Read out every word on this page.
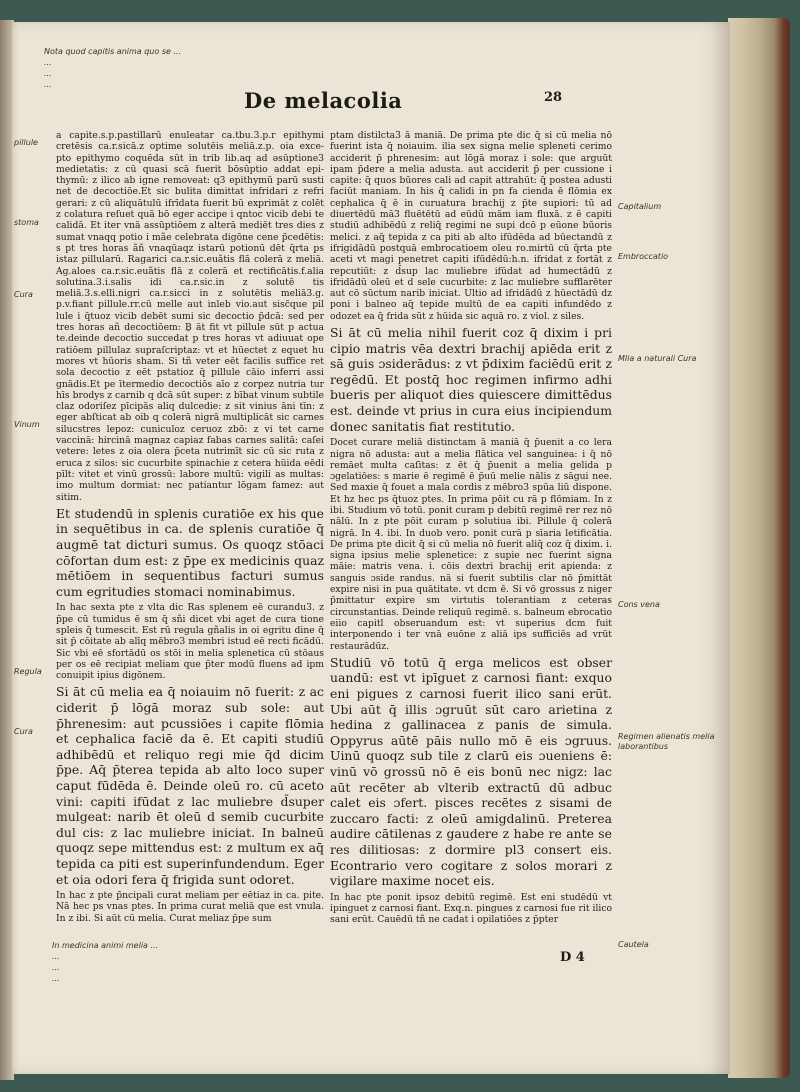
Nota quod capitis anima quo se ...
...
...
...
De melacolia	28
pillule
stoma
Cura
Vinum
Regula
Cura
Capitalium
Embroccatio
Mlia a naturali Cura
Cons vena
Regimen alienatis melia laborantibus
Cautela

a capite.s.p.pastillarū enuleatar ca.tbu.3.p.r epithymi cretēsis ca.r.sicā.z optime solutēis meliā.z.p. oia exce- pto epithymo coquēda sūt in trib lib.aq ad əsūptione3 medietatis: z cū quasi scā fuerit bōsūptio addat epi- thymū: z ilico ab igne removeat: q3 epithymū parū susti net de decoctiōe.Et sic bulita dimittat infridari z refri gerari: z cū aliquātulū ifrīdata fuerit bū exprimāt z colēt z colatura reſuet quā bō eger accipe i qntoc vicib debi te calidā. Et iter vnā assūptiōem z alterā mediēt tres dies z sumat vnaqq potio i mãe celebrata digōne cene p̄cedētis: s pt tres horas ãñ vnaqūaqz istarū potionū dēt q̄rta ps istaz pillularū. Ragarici ca.r.sic.euãtis flā colerā z meliā. Ag.aloes ca.r.sic.euãtis flā z colerā et rectificātis.f.alia solutina.3.i.salis idi ca.r.sic.in z solutē tis meliā.3.s.elli.nigri ca.r.sicci in z solutētis meliā3.g. p.v.fiant pillule.rr.cū melle aut inleb vio.aut sisc̃que pil lule i q̄tuoz vicib debēt sumi sic decoctio p̄dcā: sed per tres horas añ decoctiōem: Ḇ āt fit vt pillule sūt p actua te.deinde decoctio succedat p tres horas vt adiuuat ope ratiōem pillulaz supraſcriptaz: vt et hūectet z equet hu mores vt hūoris sham. Si tñ veter eēt facilis suffice ret sola decoctio z eēt pstatioz q̄ pillule cāio inferri assi gnādis.Et pe ītermedio decoctiōs aīo z corpez nutria tur hīs brodys z carnib q dcā sūt super: z bībat vinum subtile claz odoriſez pīcipās aliq dulcedie: z sit vinius āni tīn: z eger abſticat ab oib q colerā nigrā multiplicāt sic carnes silucstres lepoz: cuniculoz ceruoz zbō: z vi tet carne vaccinā: hircinā magnaz capiaz fabas carnes salitā: caſei vetere: letes z oia olera p̄ceta nutrimīt sic cū sic ruta z eruca z silos: sic cucurbite spinachie z cetera hūida eēdi pīlt: vitet et vinū grossū: labore multū: vigili as multas: imo multum dormiat: nec patiantur lōgam famez: aut sitim.

Et studendū in splenis curatiōe ex his que in sequētibus in ca. de splenis curatiōe q̄ augmē tat dicturi sumus. Os quoqz stōaci cōfortan dum est: z p̄pe ex medicinis quaz mētiōem in sequentibus facturi sumus cum egritudies stomaci nominabimus.

In hac sexta pte z vlta dic Ras splenem eē curandu3. z p̄pe cū tumidus ē sm q̄ sñi dicet vbi aget de cura tione spleis q̄ tumescit. Est rū regula gñalis in oi egritu dine q̄ sit p̄ cōitate ab alīq mēbro3 membri istud eē recti ficādū. Sic vbi eē sfortādū os stōi in melia splenetica cū stōaus per os eē recipiat meliam que p̄ter modū fluens ad ipm conuipit ipius digōnem.

Si āt cū melia ea q̄ noiauim nō fuerit: z ac ciderit p̄ lōgā moraz sub sole: aut p̄hrenesim: aut pcussiōes i capite flōmia et cephalica faciē da ē. Et capiti studiū adhibēdū et reliquo regi mie q̄d dicim p̄pe. Aq̄ p̄terea tepida ab alto loco super caput fūdēda ē. Deinde oleū ro. cū aceto vini: capiti ifūdat z lac muliebre d̄super mulgeat: narib ēt oleū d semib cucurbite dul cis: z lac muliebre iniciat. In balneū quoqz sepe mittendus est: z multum ex aq̄ tepida ca piti est superinfundendum. Eger et oia odori fera q̄ frigida sunt odoret.

In hac z pte p̄ncipali curat meliam per eētiaz in ca. pite. Nā hec ps vnas ptes. In prima curat meliā que est vnula. In z ibi. Si aūt cū melia. Curat meliaz p̄pe sum

ptam distilcta3 ā maniā. De prima pte dic q̄ si cū melia nō fuerint ista q̄ noiauim. ilia sex signa melie spleneti cerimo acciderit p̄ phrenesim: aut lōgā moraz i sole: que arguūt ipam p̄dere a melia adusta. aut acciderit p̄ per cussione i capite: q̄ quos būores cali ad capit attrahūt: q̄ postea adusti faciūt maniam. In his q̄ calidi in pn fa cienda ē flōmia ex cephalica q̄ ē in curuatura brachij z p̄te supiori: tū ad diuertēdū mā3 fluētētū ad eūdū mām iam fluxā. z ē capiti studiū adhibēdū z reliq̄ regimi ne supi dcō p eūone būoris melici. z aq̄ tepida z ca piti ab alto ifūdēda ad būectandū z ifrigidādū postquā embrocatioem oleu ro.mirtū cū q̄rta pte aceti vt magi penetret capiti ifūdēdū:h.n. ifridat z fortāt z repcutiūt: z d̄sup lac muliebre ifūdat ad humectādū z ifridādū oleū et d sele cucurbite: z lac muliebre sufflarēter aut cō sūctum narib iniciat. Ultio ad ifridādū z hūectādū dz poni i balneo aq̄ tepide multū de ea capiti infundēdo z odozet ea q̄ frida sūt z hūida sic aquā ro. z viol. z siles.

Si āt cū melia nihil fuerit coz q̄ dixim i pri cipio matris vēa dextri brachij apiēda erit z sā guis ɔsiderādus: z vt p̄dixim faciēdū erit z regēdū. Et postq̄ hoc regimen infirmo adhi bueris per aliquot dies quiescere dimittēdus est. deinde vt prius in cura eius incipiendum donec sanitatis fiat restitutio.

Docet curare meliā distinctam ā maniā q̄ p̄uenit a co lera nigra nō adusta: aut a melia flātica vel sanguinea: i q̄ nō remāet multa caſitas: z ēt q̄ p̄uenit a melia gelida p ɔgelatiōes: s marie ē regimē ē p̄uū melie nālis z sāgui nee. Sed maxie q̄ fouet a mala cordis z mēbro3 spūa liū dispone. Et hz hec ps q̄tuoz ptes. In prima pōit cu rā p flōmiam. In z ibi. Studium vō totū. ponit curam p debitū regimē rer rez nō nālū. In z pte pōit curam p solutiua ibi. Pillule q̄ colerā nigrā. In 4. ibi. In duob vero. ponit curā p sīaria letificātia. De prima pte dicit q̄ si cū melia nō fuerit aliq̄ coz q̄ dixim. i. signa ipsius melie splenetice: z supie nec fuerint signa māie: matris vena. i. cōis dextri brachij erit apienda: z sanguis ɔside randus. nā si fuerit subtilis clar nō p̄mittāt expire nisi in pua quātitate. vt dcm ē. Si vō grossus z niger p̄mittatur expire sm virtutis tolerantiam z ceteras circunstantias. Deinde reliquū regimē. s. balneum ebrocatio eiio capitl obseruandum est: vt superius dcm fuit interponendo i ter vnā euōne z aliā ips sufficiēs ad vrūt restaurādūz.

Studiū vō totū q̄ erga melicos est obser uandū: est vt ipīguet z carnosi fiant: exquo eni pigues z carnosi fuerit ilico sani erūt. Ubi aūt q̄ illis ɔgruūt sūt caro arietina z hedina z gallinacea z panis de simula. Oppyrus aūtē pāis nullo mō ē eis ɔgruus. Uinū quoqz sub tile z clarū eis ɔueniens ē: vinū vō grossū nō ē eis bonū nec nigz: lac aūt recēter ab vlterib extractū dū adbuc calet eis ɔfert. pisces recētes z sisami de zuccaro facti: z oleū amigdalinū. Preterea audire cātilenas z gaudere z habe re ante se res dilitiosas: z dormire pl3 consert eis. Econtrario vero cogitare z solos morari z vigilare maxime nocet eis.

In hac pte ponit ipsoz debitū regimē. Est eni studēdū vt ipinguet z carnosi fiant. Exq.n. pingues z carnosi fue rit ilico sani erūt. Cauēdū tñ ne cadat i opilatiōes z p̄pter

In medicina animi melia ...
...
...
...
D 4
